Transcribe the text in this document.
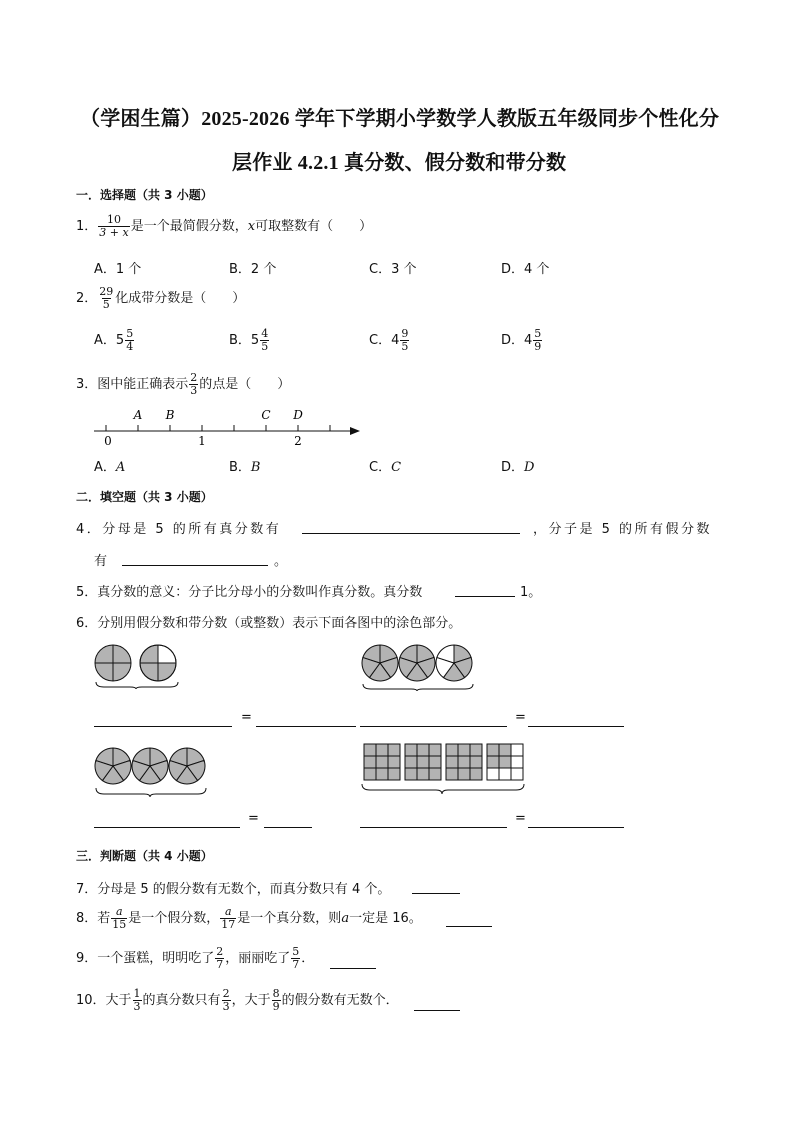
（学困生篇）2025-2026 学年下学期小学数学人教版五年级同步个性化分
层作业 4.2.1 真分数、假分数和带分数
一．选择题（共 3 小题）
1． $\frac{10}{3 + x}$ 是一个最简假分数，x可取整数有（　　）
A．1 个	B．2 个	C．3 个	D．4 个
2． $\frac{29}{5}$ 化成带分数是（　　）
A．$5 \frac{5}{4}$	B．$5 \frac{4}{5}$	C．$4 \frac{9}{5}$	D．$4 \frac{5}{9}$
3．图中能正确表示 $\frac{2}{3}$ 的点是（　　）
A B	C D
0	1	2
A．A	B．B	C．C	D．D
二．填空题（共 3 小题）
4．分母是 5 的所有真分数有	，分子是 5 的所有假分数
有	。
5．真分数的意义：分子比分母小的分数叫作真分数。真分数	1。
6．分别用假分数和带分数（或整数）表示下面各图中的涂色部分。
=	=
=	=
三．判断题（共 4 小题）
7．分母是 5 的假分数有无数个，而真分数只有 4 个。
8．若 $\frac{a}{15}$ 是一个假分数， $\frac{a}{17}$ 是一个真分数，则a一定是 16。
9．一个蛋糕，明明吃了 $\frac{2}{7}$ ，丽丽吃了 $\frac{5}{7}$ ．
10．大于 $\frac{1}{3}$ 的真分数只有 $\frac{2}{3}$ ，大于 $\frac{8}{9}$ 的假分数有无数个．
